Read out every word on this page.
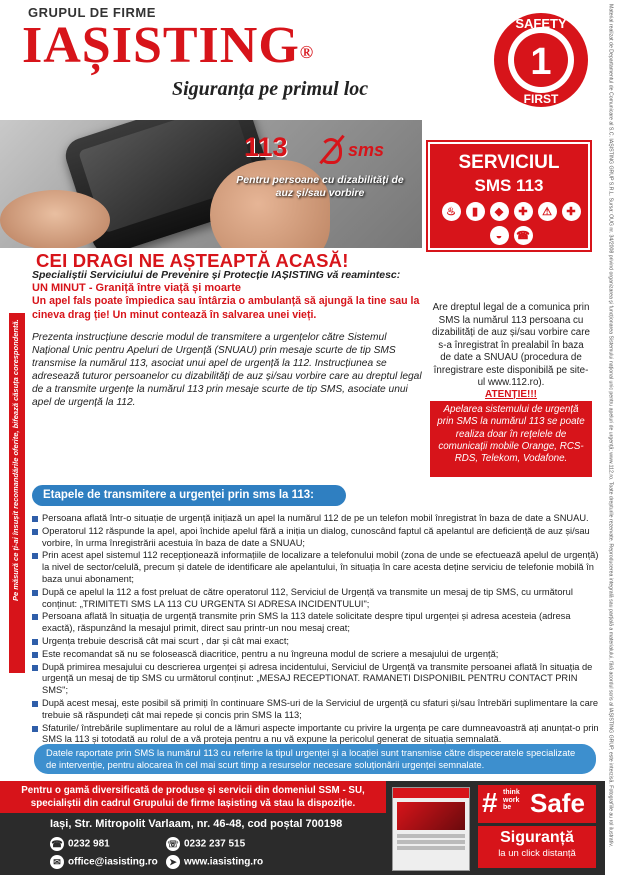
GRUPUL DE FIRME
IAȘISTING®
Siguranța pe primul loc
SAFETY
1
FIRST	Material realizat de Departamentul de Comunicare al S.C. IAȘISTING GRUP S.R.L. Sursa: OUG nr. 34/2008 privind organizarea și funcționarea Sistemului național unic pentru apeluri de urgență; www.112.ro. Toate drepturile rezervate. Reproducerea integrală sau parțială a materialului, fără acordul scris al IAȘISTING GRUP, este interzisă. Fotografiile au rol ilustrativ.
113	sms
Pentru persoane cu dizabilități de auz și/sau vorbire
SERVICIUL
SMS 113
♨	▮	◆	✚	⚠	✚
◒	☎
CEI DRAGI NE AȘTEAPTĂ ACASĂ!
Specialiștii Serviciului de Prevenire și Protecție IAȘISTING vă reamintesc:
UN MINUT - Graniță între viață și moarte
Un apel fals poate împiedica sau întârzia o ambulanță să ajungă la tine sau la cineva drag ție! Un minut contează în salvarea unei vieți.
Prezenta instrucțiune descrie modul de transmitere a urgențelor către Sistemul Național Unic pentru Apeluri de Urgență (SNUAU) prin mesaje scurte de tip SMS transmise la numărul 113, asociat unui apel de urgență la 112. Instrucțiunea se adresează tuturor persoanelor cu dizabilități de auz și/sau vorbire care au dreptul legal de a transmite urgențe la numărul 113 prin mesaje scurte de tip SMS, asociate unui apel de urgență la 112.
Pe măsură ce ți-ai însușit recomandările oferite, bifează căsuța corespondentă.
Are dreptul legal de a comunica prin SMS la numărul 113 persoana cu dizabilități de auz și/sau vorbire care s-a înregistrat în prealabil în baza de date a SNUAU (procedura de înregistrare este disponibilă pe site-ul www.112.ro).
ATENȚIE!!!
Apelarea sistemului de urgență prin SMS la numărul 113 se poate realiza doar în rețelele de comunicații mobile Orange, RCS-RDS, Telekom, Vodafone.
Etapele de transmitere a urgenței prin sms la 113:
Persoana aflată într-o situație de urgență inițiază un apel la numărul 112 de pe un telefon mobil înregistrat în baza de date a SNUAU.
Operatorul 112 răspunde la apel, apoi închide apelul fără a iniția un dialog, cunoscând faptul că apelantul are deficiență de auz și/sau vorbire, în urma înregistrării acestuia în baza de date a SNUAU;
Prin acest apel sistemul 112 recepționează informațiile de localizare a telefonului mobil (zona de unde se efectuează apelul de urgență) la nivel de sector/celulă, precum și datele de identificare ale apelantului, în situația în care acesta deține serviciu de telefonie mobilă în baza unui abonament;
După ce apelul la 112 a fost preluat de către operatorul 112, Serviciul de Urgență va transmite un mesaj de tip SMS, cu următorul conținut: „TRIMITETI SMS LA 113 CU URGENTA SI ADRESA INCIDENTULUI";
Persoana aflată în situația de urgență transmite prin SMS la 113 datele solicitate despre tipul urgenței și adresa acesteia (adresa exactă), răspunzând la mesajul primit, direct sau printr-un nou mesaj creat;
Urgența trebuie descrisă cât mai scurt , dar și cât mai exact;
Este recomandat să nu se folosească diacritice, pentru a nu îngreuna modul de scriere a mesajului de urgență;
După primirea mesajului cu descrierea urgenței și adresa incidentului, Serviciul de Urgență va transmite persoanei aflată în situația de urgență un mesaj de tip SMS cu următorul conținut: „MESAJ RECEPTIONAT. RAMANETI DISPONIBIL PENTRU CONTACT PRIN SMS";
După acest mesaj, este posibil să primiți în continuare SMS-uri de la Serviciul de urgență cu sfaturi și/sau întrebări suplimentare la care trebuie să răspundeți cât mai repede și concis prin SMS la 113;
Sfaturile/ întrebările suplimentare au rolul de a lămuri aspecte importante cu privire la urgența pe care dumneavoastră ați anunțat-o prin SMS la 113 și totodată au rolul de a vă proteja pentru a nu vă expune la pericolul generat de situația semnalată.
Datele raportate prin SMS la numărul 113 cu referire la tipul urgenței și a locației sunt transmise către dispeceratele specializate de intervenție, pentru alocarea în cel mai scurt timp a resurselor necesare soluționării urgenței semnalate.
Pentru o gamă diversificată de produse și servicii din domeniul SSM - SU, specialiștii din cadrul Grupului de firme Iașisting vă stau la dispoziție.
Iași, Str. Mitropolit Varlaam, nr. 46-48, cod poștal 700198
☎ 0232 981	☏ 0232 237 515
✉ office@iasisting.ro	➤ www.iasisting.ro
# think
work
be Safe
Siguranță
la un click distanță
